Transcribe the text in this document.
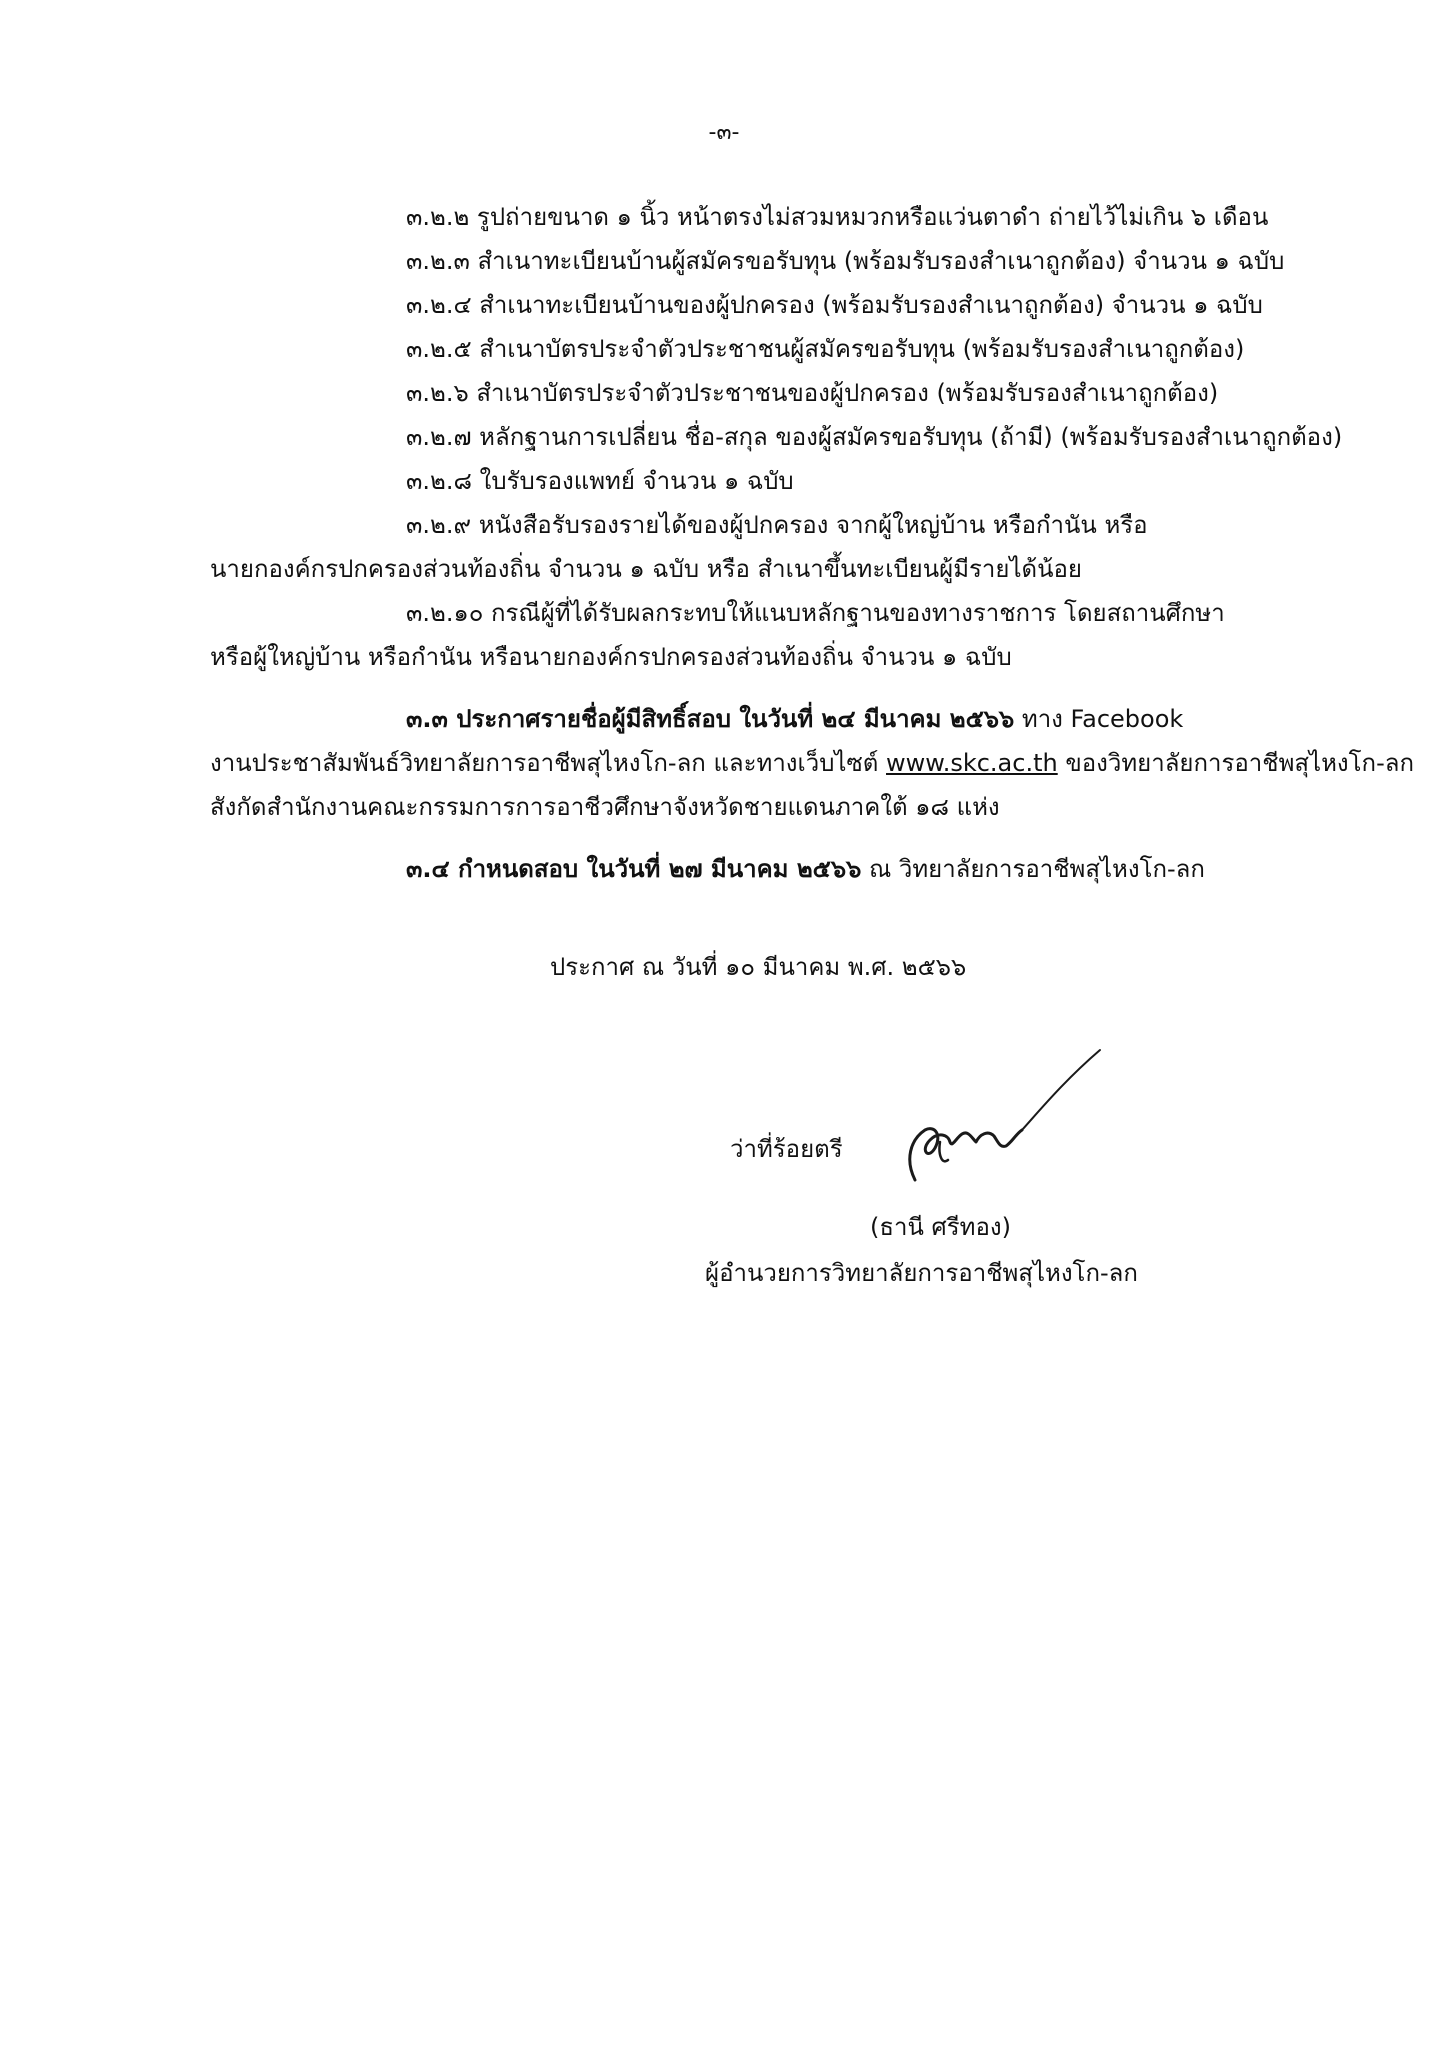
-๓-
๓.๒.๒ รูปถ่ายขนาด ๑ นิ้ว หน้าตรงไม่สวมหมวกหรือแว่นตาดำ ถ่ายไว้ไม่เกิน ๖ เดือน
๓.๒.๓ สำเนาทะเบียนบ้านผู้สมัครขอรับทุน (พร้อมรับรองสำเนาถูกต้อง) จำนวน ๑ ฉบับ
๓.๒.๔ สำเนาทะเบียนบ้านของผู้ปกครอง (พร้อมรับรองสำเนาถูกต้อง) จำนวน ๑ ฉบับ
๓.๒.๕ สำเนาบัตรประจำตัวประชาชนผู้สมัครขอรับทุน (พร้อมรับรองสำเนาถูกต้อง)
๓.๒.๖ สำเนาบัตรประจำตัวประชาชนของผู้ปกครอง (พร้อมรับรองสำเนาถูกต้อง)
๓.๒.๗ หลักฐานการเปลี่ยน ชื่อ-สกุล ของผู้สมัครขอรับทุน (ถ้ามี) (พร้อมรับรองสำเนาถูกต้อง)
๓.๒.๘ ใบรับรองแพทย์ จำนวน ๑ ฉบับ
๓.๒.๙ หนังสือรับรองรายได้ของผู้ปกครอง จากผู้ใหญ่บ้าน หรือกำนัน หรือ
นายกองค์กรปกครองส่วนท้องถิ่น จำนวน ๑ ฉบับ หรือ สำเนาขึ้นทะเบียนผู้มีรายได้น้อย
๓.๒.๑๐ กรณีผู้ที่ได้รับผลกระทบให้แนบหลักฐานของทางราชการ โดยสถานศึกษา
หรือผู้ใหญ่บ้าน หรือกำนัน หรือนายกองค์กรปกครองส่วนท้องถิ่น จำนวน ๑ ฉบับ
๓.๓ ประกาศรายชื่อผู้มีสิทธิ์สอบ ในวันที่ ๒๔ มีนาคม ๒๕๖๖ ทาง Facebook
งานประชาสัมพันธ์วิทยาลัยการอาชีพสุไหงโก-ลก และทางเว็บไซต์ www.skc.ac.th ของวิทยาลัยการอาชีพสุไหงโก-ลก
สังกัดสำนักงานคณะกรรมการการอาชีวศึกษาจังหวัดชายแดนภาคใต้ ๑๘ แห่ง
๓.๔ กำหนดสอบ ในวันที่ ๒๗ มีนาคม ๒๕๖๖ ณ วิทยาลัยการอาชีพสุไหงโก-ลก
ประกาศ ณ วันที่ ๑๐ มีนาคม พ.ศ. ๒๕๖๖
ว่าที่ร้อยตรี
(ธานี ศรีทอง)
ผู้อำนวยการวิทยาลัยการอาชีพสุไหงโก-ลก
